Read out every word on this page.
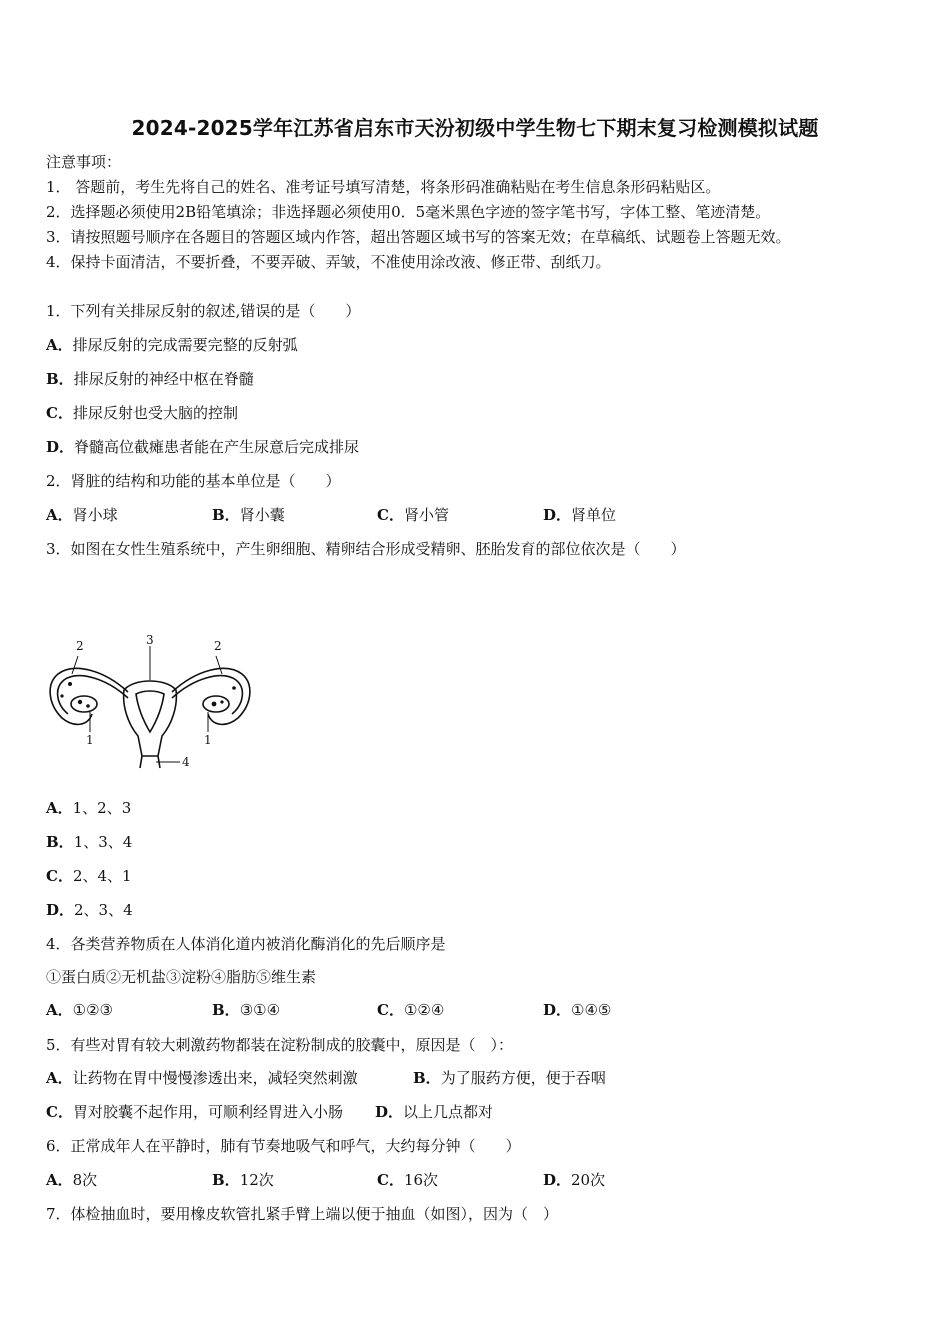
2024-2025学年江苏省启东市天汾初级中学生物七下期末复习检测模拟试题
注意事项：
1． 答题前，考生先将自己的姓名、准考证号填写清楚，将条形码准确粘贴在考生信息条形码粘贴区。
2．选择题必须使用2B铅笔填涂；非选择题必须使用0．5毫米黑色字迹的签字笔书写，字体工整、笔迹清楚。
3．请按照题号顺序在各题目的答题区域内作答，超出答题区域书写的答案无效；在草稿纸、试题卷上答题无效。
4．保持卡面清洁，不要折叠，不要弄破、弄皱，不准使用涂改液、修正带、刮纸刀。
1．下列有关排尿反射的叙述,错误的是（　　）
A．排尿反射的完成需要完整的反射弧
B．排尿反射的神经中枢在脊髓
C．排尿反射也受大脑的控制
D．脊髓高位截瘫患者能在产生尿意后完成排尿
2．肾脏的结构和功能的基本单位是（　　）
A．肾小球	B．肾小囊	C．肾小管	D．肾单位
3．如图在女性生殖系统中，产生卵细胞、精卵结合形成受精卵、胚胎发育的部位依次是（　　）
2	3	2
1	1
4
A．1、2、3
B．1、3、4
C．2、4、1
D．2、3、4
4．各类营养物质在人体消化道内被消化酶消化的先后顺序是
①蛋白质②无机盐③淀粉④脂肪⑤维生素
A．①②③	B．③①④	C．①②④	D．①④⑤
5．有些对胃有较大刺激药物都装在淀粉制成的胶囊中，原因是（　）：
A．让药物在胃中慢慢渗透出来，减轻突然刺激	B．为了服药方便，便于吞咽
C．胃对胶囊不起作用，可顺利经胃进入小肠 D．以上几点都对
6．正常成年人在平静时，肺有节奏地吸气和呼气，大约每分钟（　　）
A．8次	B．12次	C．16次	D．20次
7．体检抽血时，要用橡皮软管扎紧手臂上端以便于抽血（如图），因为（　）
